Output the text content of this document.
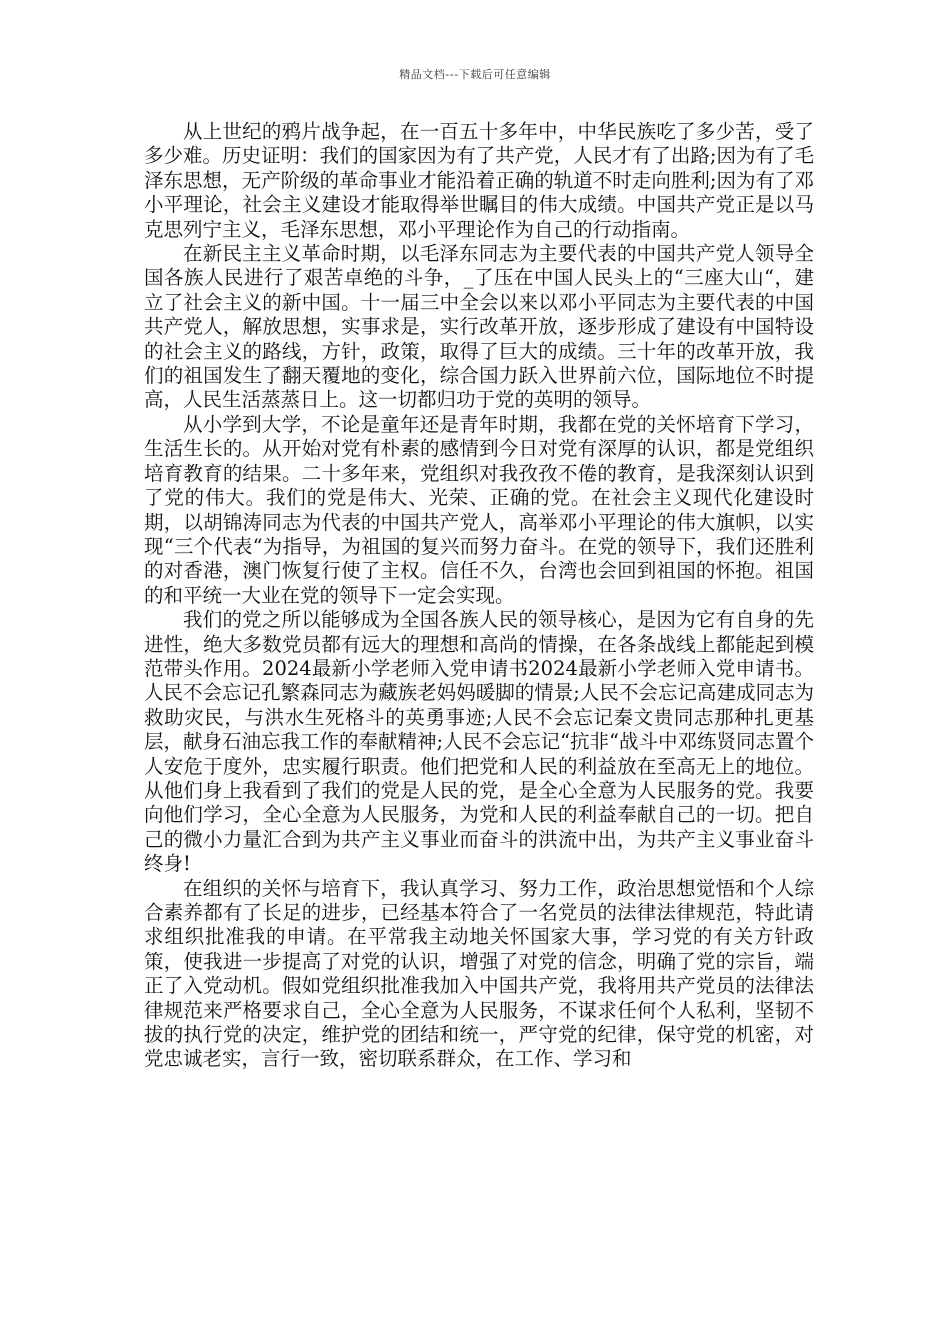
精品文档---下载后可任意编辑

从上世纪的鸦片战争起，在一百五十多年中，中华民族吃了多少苦，受了多少难。历史证明：我们的国家因为有了共产党，人民才有了出路;因为有了毛泽东思想，无产阶级的革命事业才能沿着正确的轨道不时走向胜利;因为有了邓小平理论，社会主义建设才能取得举世瞩目的伟大成绩。中国共产党正是以马克思列宁主义，毛泽东思想，邓小平理论作为自己的行动指南。

在新民主主义革命时期，以毛泽东同志为主要代表的中国共产党人领导全国各族人民进行了艰苦卓绝的斗争，_了压在中国人民头上的“三座大山“，建立了社会主义的新中国。十一届三中全会以来以邓小平同志为主要代表的中国共产党人，解放思想，实事求是，实行改革开放，逐步形成了建设有中国特设的社会主义的路线，方针，政策，取得了巨大的成绩。三十年的改革开放，我们的祖国发生了翻天覆地的变化，综合国力跃入世界前六位，国际地位不时提高，人民生活蒸蒸日上。这一切都归功于党的英明的领导。

从小学到大学，不论是童年还是青年时期，我都在党的关怀培育下学习，生活生长的。从开始对党有朴素的感情到今日对党有深厚的认识，都是党组织培育教育的结果。二十多年来，党组织对我孜孜不倦的教育，是我深刻认识到了党的伟大。我们的党是伟大、光荣、正确的党。在社会主义现代化建设时期，以胡锦涛同志为代表的中国共产党人，高举邓小平理论的伟大旗帜，以实现“三个代表“为指导，为祖国的复兴而努力奋斗。在党的领导下，我们还胜利的对香港，澳门恢复行使了主权。信任不久，台湾也会回到祖国的怀抱。祖国的和平统一大业在党的领导下一定会实现。

我们的党之所以能够成为全国各族人民的领导核心，是因为它有自身的先进性，绝大多数党员都有远大的理想和高尚的情操，在各条战线上都能起到模范带头作用。2024最新小学老师入党申请书2024最新小学老师入党申请书。人民不会忘记孔繁森同志为藏族老妈妈暖脚的情景;人民不会忘记高建成同志为救助灾民，与洪水生死格斗的英勇事迹;人民不会忘记秦文贵同志那种扎更基层，献身石油忘我工作的奉献精神;人民不会忘记“抗非“战斗中邓练贤同志置个人安危于度外，忠实履行职责。他们把党和人民的利益放在至高无上的地位。从他们身上我看到了我们的党是人民的党，是全心全意为人民服务的党。我要向他们学习，全心全意为人民服务，为党和人民的利益奉献自己的一切。把自己的微小力量汇合到为共产主义事业而奋斗的洪流中出，为共产主义事业奋斗终身!

在组织的关怀与培育下，我认真学习、努力工作，政治思想觉悟和个人综合素养都有了长足的进步，已经基本符合了一名党员的法律法律规范，特此请求组织批准我的申请。在平常我主动地关怀国家大事，学习党的有关方针政策，使我进一步提高了对党的认识，增强了对党的信念，明确了党的宗旨，端正了入党动机。假如党组织批准我加入中国共产党，我将用共产党员的法律法律规范来严格要求自己，全心全意为人民服务，不谋求任何个人私利，坚韧不拔的执行党的决定，维护党的团结和统一，严守党的纪律，保守党的机密，对党忠诚老实，言行一致，密切联系群众，在工作、学习和
